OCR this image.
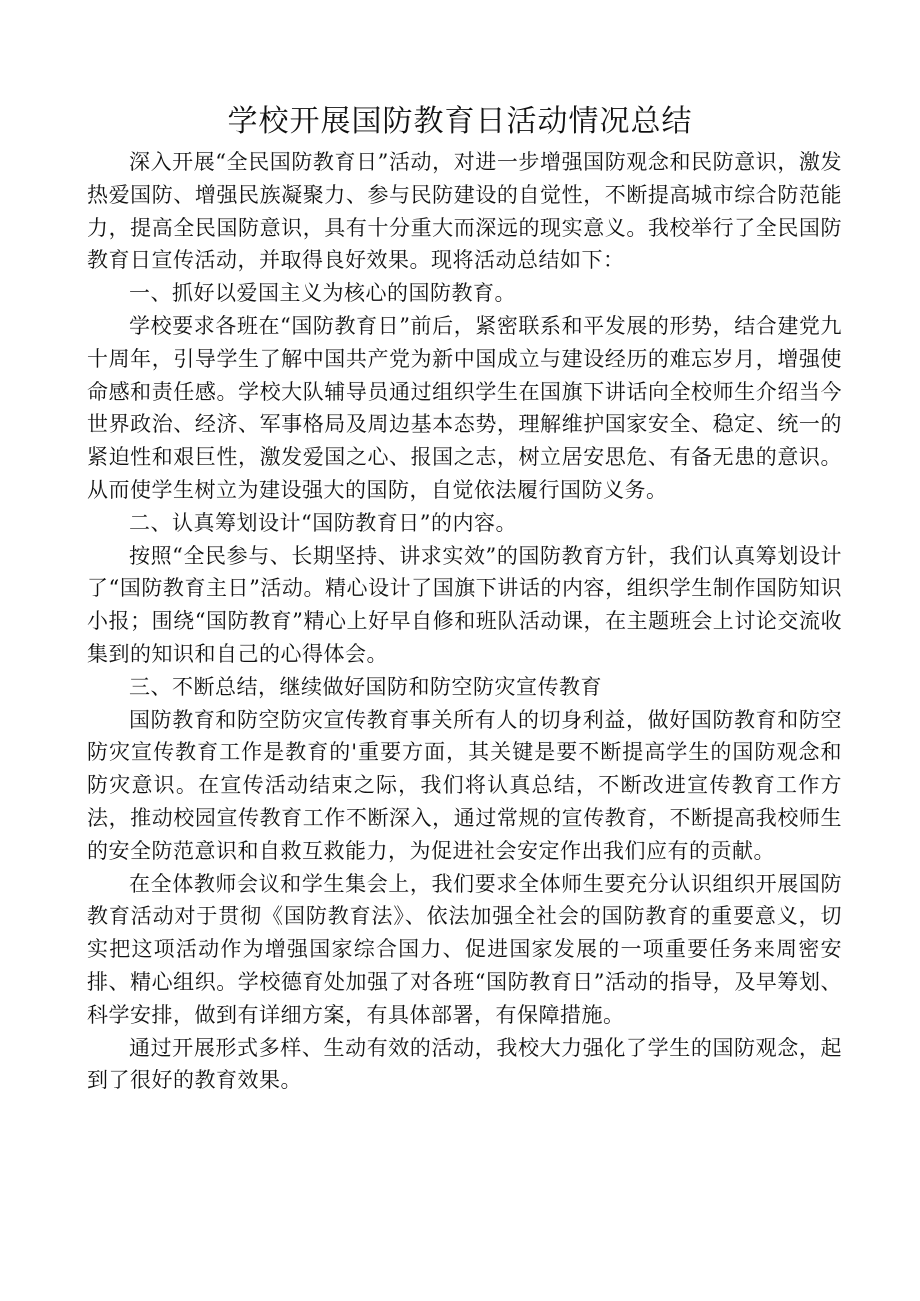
学校开展国防教育日活动情况总结

深入开展“全民国防教育日”活动，对进一步增强国防观念和民防意识，激发热爱国防、增强民族凝聚力、参与民防建设的自觉性，不断提高城市综合防范能力，提高全民国防意识，具有十分重大而深远的现实意义。我校举行了全民国防教育日宣传活动，并取得良好效果。现将活动总结如下：

一、抓好以爱国主义为核心的国防教育。

学校要求各班在“国防教育日”前后，紧密联系和平发展的形势，结合建党九十周年，引导学生了解中国共产党为新中国成立与建设经历的难忘岁月，增强使命感和责任感。学校大队辅导员通过组织学生在国旗下讲话向全校师生介绍当今世界政治、经济、军事格局及周边基本态势，理解维护国家安全、稳定、统一的紧迫性和艰巨性，激发爱国之心、报国之志，树立居安思危、有备无患的意识。从而使学生树立为建设强大的国防，自觉依法履行国防义务。

二、认真筹划设计“国防教育日”的内容。

按照“全民参与、长期坚持、讲求实效”的国防教育方针，我们认真筹划设计了“国防教育主日”活动。精心设计了国旗下讲话的内容，组织学生制作国防知识小报；围绕“国防教育”精心上好早自修和班队活动课，在主题班会上讨论交流收集到的知识和自己的心得体会。

三、不断总结，继续做好国防和防空防灾宣传教育

国防教育和防空防灾宣传教育事关所有人的切身利益，做好国防教育和防空防灾宣传教育工作是教育的'重要方面，其关键是要不断提高学生的国防观念和防灾意识。在宣传活动结束之际，我们将认真总结，不断改进宣传教育工作方法，推动校园宣传教育工作不断深入，通过常规的宣传教育，不断提高我校师生的安全防范意识和自救互救能力，为促进社会安定作出我们应有的贡献。

在全体教师会议和学生集会上，我们要求全体师生要充分认识组织开展国防教育活动对于贯彻《国防教育法》、依法加强全社会的国防教育的重要意义，切实把这项活动作为增强国家综合国力、促进国家发展的一项重要任务来周密安排、精心组织。学校德育处加强了对各班“国防教育日”活动的指导，及早筹划、科学安排，做到有详细方案，有具体部署，有保障措施。

通过开展形式多样、生动有效的活动，我校大力强化了学生的国防观念，起到了很好的教育效果。
